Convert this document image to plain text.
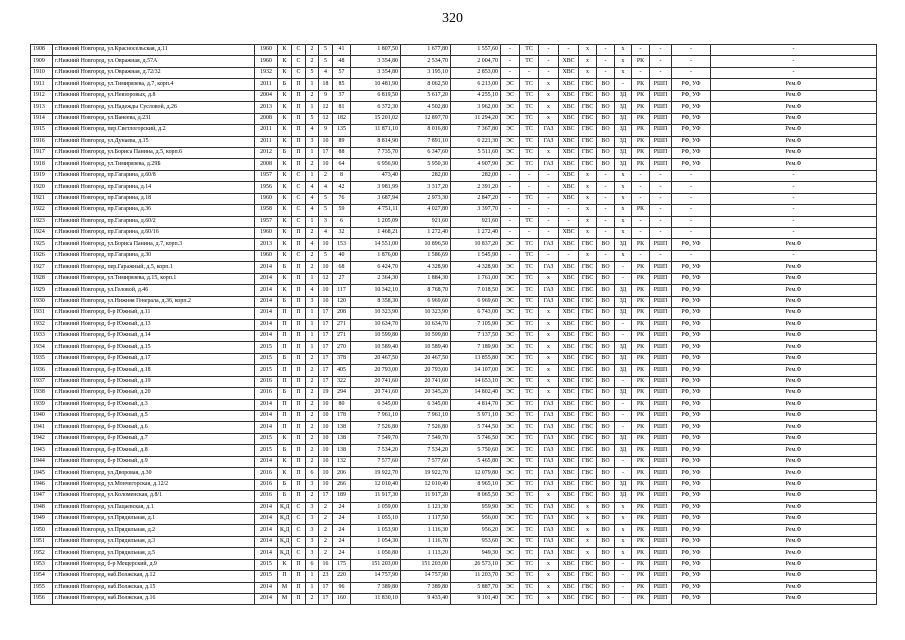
320
1908	г.Нижний Новгород, ул.Красносельская, д.11	1960	К	С	2	5	41	1 807,50	1 677,80	1 557,60	-	ТС	-	-	х	-	х	-	-	-	-
1909	г.Нижний Новгород, ул.Овражная, д.57А	1960	К	С	2	5	48	3 354,80	2 534,70	2 004,70	-	ТС	-	ХВС	х	-	х	РК	-	-	-
1910	г.Нижний Новгород, ул.Овражная, д.72/32	1932	К	С	5	4	57	3 354,80	3 195,10	2 853,00	-	-	-	ХВС	х	-	х	-	-	-	-
1911	г.Нижний Новгород, ул.Тимирязева, д.7, корп.4	2011	Б	П	1	18	85	10 481,90	8 062,50	6 213,00	ЭС	ТС	х	ХВС	ГВС	ВО	-	РК	РШП	РФ, УФ	Рем.Ф
1912	г.Нижний Новгород, ул.Невзоровых, д.8	2004	К	П	2	9	37	6 819,50	5 617,20	4 255,10	ЭС	ТС	х	ХВС	ГВС	ВО	ЗД	РК	РШП	РФ, УФ	Рем.Ф
1913	г.Нижний Новгород, ул.Надежды Сусловой, д.26	2013	К	П	1	12	81	6 372,30	4 502,80	3 962,00	ЭС	ТС	х	ХВС	ГВС	ВО	ЗД	РК	РШП	РФ, УФ	Рем.Ф
1914	г.Нижний Новгород, ул.Ванеева, д.231	2008	К	П	5	12	182	15 201,02	12 897,70	11 294,20	ЭС	ТС	х	ХВС	ГВС	ВО	ЗД	РК	РШП	РФ, УФ	Рем.Ф
1915	г.Нижний Новгород, пер.Светлогорский, д.2	2011	К	П	4	9	135	11 871,10	8 016,80	7 367,80	ЭС	ТС	ГАЗ	ХВС	ГВС	ВО	ЗД	РК	РШП	РФ, УФ	Рем.Ф
1916	г.Нижний Новгород, ул.Дунаева, д.15	2011	К	П	3	10	89	8 814,90	7 891,10	6 221,30	ЭС	ТС	ГАЗ	ХВС	ГВС	ВО	ЗД	РК	РШП	РФ, УФ	Рем.Ф
1917	г.Нижний Новгород, ул.Бориса Панина, д.5, корп.6	2012	Б	П	1	17	88	7 735,70	6 347,60	5 511,60	ЭС	ТС	х	ХВС	ГВС	ВО	ЗД	РК	РШП	РФ, УФ	Рем.Ф
1918	г.Нижний Новгород, ул.Тимирязева, д.29Б	2008	К	П	2	10	64	6 956,90	5 950,30	4 907,90	ЭС	ТС	ГАЗ	ХВС	ГВС	ВО	ЗД	РК	РШП	РФ, УФ	Рем.Ф
1919	г.Нижний Новгород, пр.Гагарина, д.60/8	1957	К	С	1	2	8	473,40	282,00	282,00	-	-	-	ХВС	х	-	х	-	-	-	-
1920	г.Нижний Новгород, пр.Гагарина, д.14	1956	К	С	4	4	42	3 981,99	3 317,20	2 391,20	-	-	-	ХВС	х	-	х	-	-	-	-
1921	г.Нижний Новгород, пр.Гагарина, д.18	1960	К	С	4	5	76	3 687,94	2 973,30	2 847,20	-	ТС	-	ХВС	х	-	х	-	-	-	-
1922	г.Нижний Новгород, пр.Гагарина, д.36	1958	К	С	4	5	59	4 751,11	4 027,80	3 397,70	-	-	-	-	х	-	х	РК	-	-	-
1923	г.Нижний Новгород, пр.Гагарина, д.60/2	1957	К	С	1	3	6	1 205,09	921,60	921,60	-	ТС	-	-	х	-	х	-	-	-	-
1924	г.Нижний Новгород, пр.Гагарина, д.60/16	1960	К	П	2	4	32	1 468,21	1 272,40	1 272,40	-	-	-	ХВС	х	-	х	-	-	-	-
1925	г.Нижний Новгород, ул.Бориса Панина, д.7, корп.3	2013	К	П	4	10	153	14 551,00	10 896,50	10 837,20	ЭС	ТС	ГАЗ	ХВС	ГВС	ВО	ЗД	РК	РШП	РФ, УФ	Рем.Ф
1926	г.Нижний Новгород, пр.Гагарина, д.30	1960	К	С	2	5	40	1 876,00	1 586,69	1 545,90	-	ТС	-	-	х	-	х	-	-	-	-
1927	г.Нижний Новгород, пер.Гаражный, д.5, корп.1	2014	Б	П	2	10	68	6 424,70	4 328,90	4 328,90	ЭС	ТС	ГАЗ	ХВС	ГВС	ВО	-	РК	РШП	РФ, УФ	Рем.Ф
1928	г.Нижний Новгород, ул.Тимирязева, д.15, корп.1	2014	К	П	1	12	27	2 364,30	1 884,30	1 761,00	ЭС	ТС	х	ХВС	ГВС	ВО	-	РК	РШП	РФ, УФ	Рем.Ф
1929	г.Нижний Новгород, ул.Геловой, д.46	2014	К	П	4	10	117	10 342,10	8 768,70	7 018,50	ЭС	ТС	ГАЗ	ХВС	ГВС	ВО	ЗД	РК	РШП	РФ, УФ	Рем.Ф
1930	г.Нижний Новгород, ул.Нижняя Генерала, д.36, корп.2	2014	Б	П	3	10	120	8 358,30	6 969,60	6 969,60	ЭС	ТС	ГАЗ	ХВС	ГВС	ВО	ЗД	РК	РШП	РФ, УФ	Рем.Ф
1931	г.Нижний Новгород, б-р Южный, д.11	2014	П	П	1	17	208	10 323,90	10 323,90	6 743,00	ЭС	ТС	х	ХВС	ГВС	ВО	ЗД	РК	РШП	РФ, УФ	Рем.Ф
1932	г.Нижний Новгород, б-р Южный, д.13	2014	П	П	1	17	271	10 634,70	10 634,70	7 105,90	ЭС	ТС	х	ХВС	ГВС	ВО	-	РК	РШП	РФ, УФ	Рем.Ф
1933	г.Нижний Новгород, б-р Южный, д.14	2014	П	П	1	17	271	10 599,80	10 599,80	7 137,50	ЭС	ТС	х	ХВС	ГВС	ВО	-	РК	РШП	РФ, УФ	Рем.Ф
1934	г.Нижний Новгород, б-р Южный, д.15	2015	П	П	1	17	270	10 589,40	10 589,40	7 189,90	ЭС	ТС	х	ХВС	ГВС	ВО	ЗД	РК	РШП	РФ, УФ	Рем.Ф
1935	г.Нижний Новгород, б-р Южный, д.17	2015	Б	П	2	17	378	20 467,50	20 467,50	13 855,80	ЭС	ТС	х	ХВС	ГВС	ВО	ЗД	РК	РШП	РФ, УФ	Рем.Ф
1936	г.Нижний Новгород, б-р Южный, д.18	2015	П	П	2	17	405	20 793,00	20 793,00	14 107,00	ЭС	ТС	х	ХВС	ГВС	ВО	ЗД	РК	РШП	РФ, УФ	Рем.Ф
1937	г.Нижний Новгород, б-р Южный, д.19	2016	П	П	2	17	322	20 741,60	20 741,60	14 653,10	ЭС	ТС	х	ХВС	ГВС	ВО	-	РК	РШП	РФ, УФ	Рем.Ф
1938	г.Нижний Новгород, б-р Южный, д.20	2016	Б	П	2	19	294	20 741,60	20 345,20	14 802,40	ЭС	ТС	х	ХВС	ГВС	ВО	ЗД	РК	РШП	РФ, УФ	Рем.Ф
1939	г.Нижний Новгород, б-р Южный, д.3	2014	П	П	2	10	80	6 345,00	6 345,00	4 814,70	ЭС	ТС	ГАЗ	ХВС	ГВС	ВО	-	РК	РШП	РФ, УФ	Рем.Ф
1940	г.Нижний Новгород, б-р Южный, д.5	2014	П	П	2	10	178	7 961,10	7 961,10	5 971,10	ЭС	ТС	ГАЗ	ХВС	ГВС	ВО	-	РК	РШП	РФ, УФ	Рем.Ф
1941	г.Нижний Новгород, б-р Южный, д.6	2014	П	П	2	10	138	7 526,80	7 526,80	5 744,50	ЭС	ТС	ГАЗ	ХВС	ГВС	ВО	-	РК	РШП	РФ, УФ	Рем.Ф
1942	г.Нижний Новгород, б-р Южный, д.7	2015	К	П	2	10	138	7 549,70	7 549,70	5 746,50	ЭС	ТС	ГАЗ	ХВС	ГВС	ВО	ЗД	РК	РШП	РФ, УФ	Рем.Ф
1943	г.Нижний Новгород, б-р Южный, д.8	2015	Б	П	2	10	138	7 534,20	7 534,20	5 750,60	ЭС	ТС	ГАЗ	ХВС	ГВС	ВО	ЗД	РК	РШП	РФ, УФ	Рем.Ф
1944	г.Нижний Новгород, б-р Южный, д.9	2014	К	П	2	10	132	7 577,60	7 577,60	5 465,80	ЭС	ТС	ГАЗ	ХВС	ГВС	ВО	-	РК	РШП	РФ, УФ	Рем.Ф
1945	г.Нижний Новгород, ул.Дворовая, д.30	2016	К	П	6	10	206	19 922,70	19 922,70	12 079,80	ЭС	ТС	ГАЗ	ХВС	ГВС	ВО	-	РК	РШП	РФ, УФ	Рем.Ф
1946	г.Нижний Новгород, ул.Мончегорская, д.12/2	2016	Б	П	3	10	266	12 010,40	12 010,40	8 965,10	ЭС	ТС	ГАЗ	ХВС	ГВС	ВО	ЗД	РК	РШП	РФ, УФ	Рем.Ф
1947	г.Нижний Новгород, ул.Коломенская, д.8/1	2016	Б	П	2	17	189	11 917,30	11 917,20	8 065,50	ЭС	ТС	х	ХВС	ГВС	ВО	ЗД	РК	РШП	РФ, УФ	Рем.Ф
1948	г.Нижний Новгород, ул.Пацаевская, д.1	2014	К,Д	С	3	2	24	1 059,00	1 121,30	959,90	ЭС	ТС	ГАЗ	ХВС	х	ВО	х	РК	РШП	РФ, УФ	Рем.Ф
1949	г.Нижний Новгород, ул.Прядильная, д.1	2014	К,Д	С	3	2	24	1 055,10	1 117,50	956,00	ЭС	ТС	ГАЗ	ХВС	х	ВО	х	РК	РШП	РФ, УФ	Рем.Ф
1950	г.Нижний Новгород, ул.Прядильная, д.2	2014	К,Д	С	3	2	24	1 053,90	1 116,30	956,20	ЭС	ТС	ГАЗ	ХВС	х	ВО	х	РК	РШП	РФ, УФ	Рем.Ф
1951	г.Нижний Новгород, ул.Прядильная, д.3	2014	К,Д	С	3	2	24	1 054,30	1 116,70	953,60	ЭС	ТС	ГАЗ	ХВС	х	ВО	х	РК	РШП	РФ, УФ	Рем.Ф
1952	г.Нижний Новгород, ул.Прядильная, д.5	2014	К,Д	С	3	2	24	1 050,80	1 113,20	949,30	ЭС	ТС	ГАЗ	ХВС	х	ВО	х	РК	РШП	РФ, УФ	Рем.Ф
1953	г.Нижний Новгород, б-р Мещерский, д.9	2015	К	П	6	16	175	151 203,00	151 203,00	26 573,10	ЭС	ТС	х	ХВС	ГВС	ВО	-	РК	РШП	РФ, УФ	Рем.Ф
1954	г.Нижний Новгород, наб.Волжская, д.12	2015	П	П	1	23	220	14 757,90	14 757,90	11 203,70	ЭС	ТС	х	ХВС	ГВС	ВО	-	РК	РШП	РФ, УФ	Рем.Ф
1955	г.Нижний Новгород, наб.Волжская, д.15	2014	М	П	1	17	96	7 389,80	7 389,80	5 887,70	ЭС	ТС	х	ХВС	ГВС	ВО	-	РК	РШП	РФ, УФ	Рем.Ф
1956	г.Нижний Новгород, наб.Волжская, д.16	2014	М	П	2	17	160	11 830,10	9 433,40	9 101,40	ЭС	ТС	х	ХВС	ГВС	ВО	-	РК	РШП	РФ, УФ	Рем.Ф
